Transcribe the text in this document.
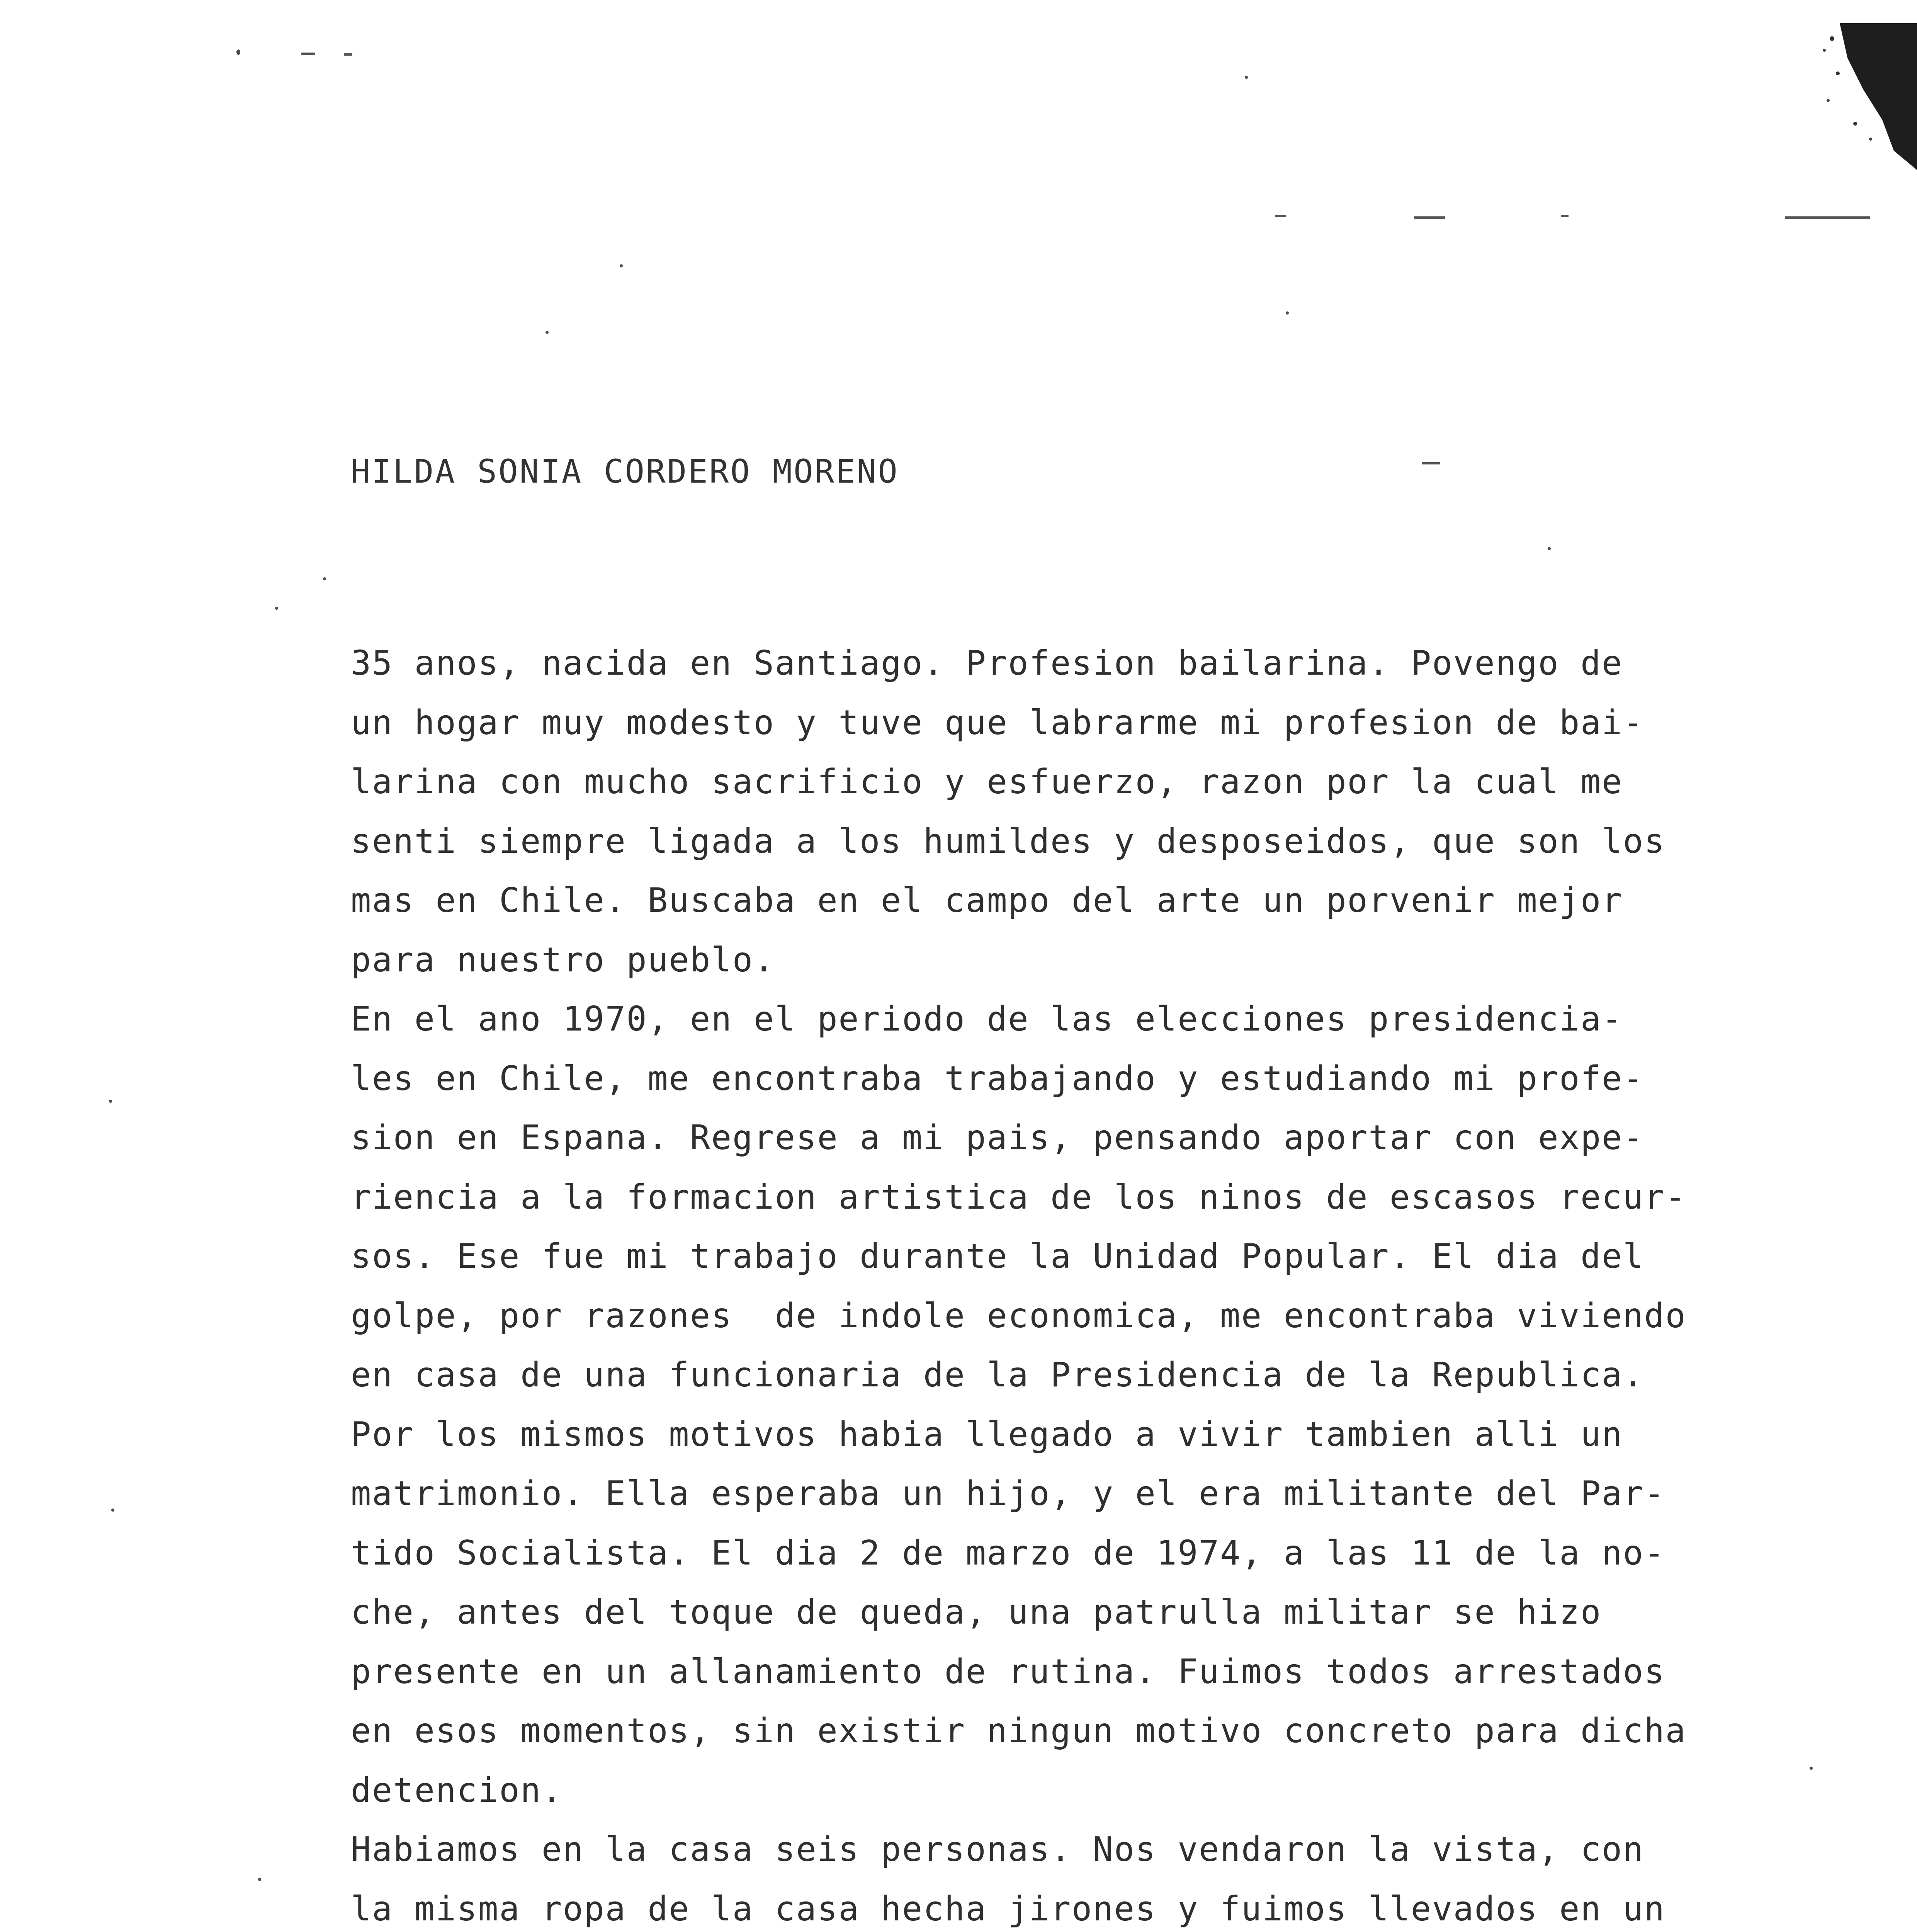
HILDA SONIA CORDERO MORENO
35 anos, nacida en Santiago. Profesion bailarina. Povengo de
un hogar muy modesto y tuve que labrarme mi profesion de bai-
larina con mucho sacrificio y esfuerzo, razon por la cual me
senti siempre ligada a los humildes y desposeidos, que son los
mas en Chile. Buscaba en el campo del arte un porvenir mejor
para nuestro pueblo.
En el ano 1970, en el periodo de las elecciones presidencia-
les en Chile, me encontraba trabajando y estudiando mi profe-
sion en Espana. Regrese a mi pais, pensando aportar con expe-
riencia a la formacion artistica de los ninos de escasos recur-
sos. Ese fue mi trabajo durante la Unidad Popular. El dia del
golpe, por razones  de indole economica, me encontraba viviendo
en casa de una funcionaria de la Presidencia de la Republica.
Por los mismos motivos habia llegado a vivir tambien alli un
matrimonio. Ella esperaba un hijo, y el era militante del Par-
tido Socialista. El dia 2 de marzo de 1974, a las 11 de la no-
che, antes del toque de queda, una patrulla militar se hizo
presente en un allanamiento de rutina. Fuimos todos arrestados
en esos momentos, sin existir ningun motivo concreto para dicha
detencion.
Habiamos en la casa seis personas. Nos vendaron la vista, con
la misma ropa de la casa hecha jirones y fuimos llevados en un
